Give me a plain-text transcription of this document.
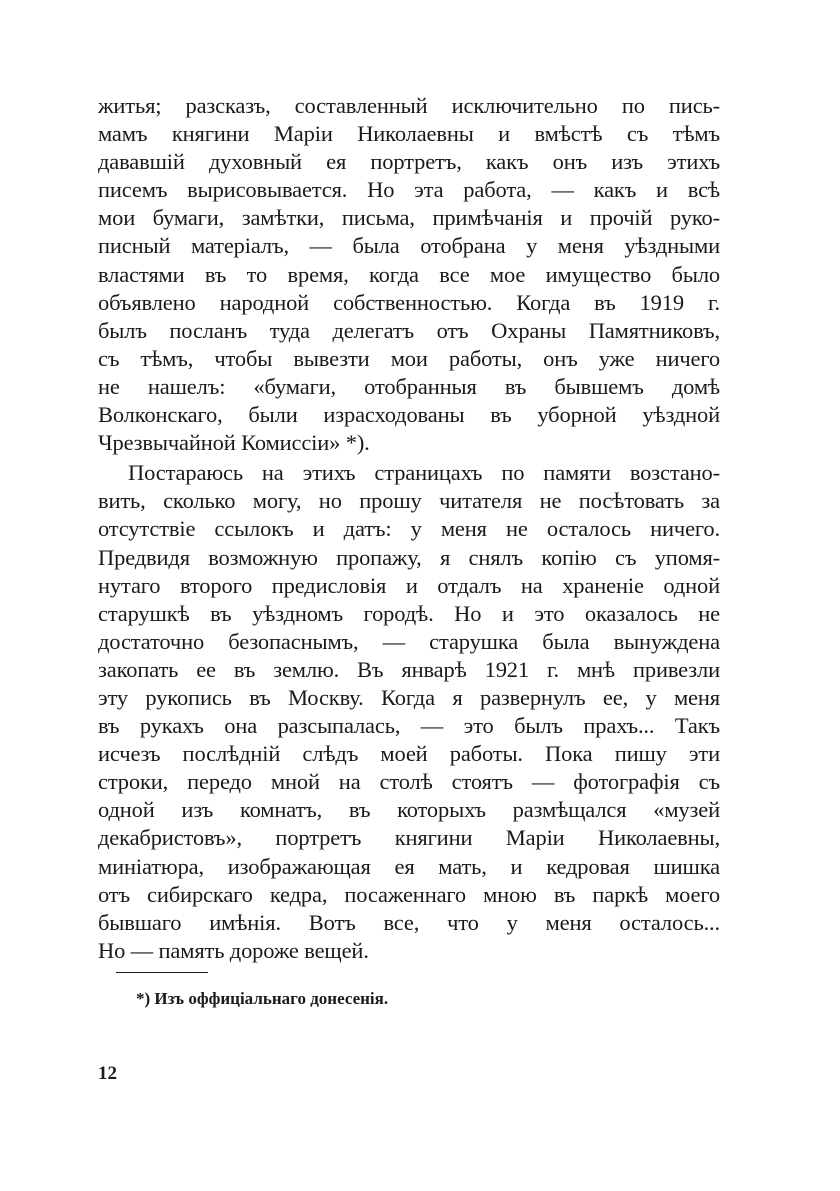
житья; разсказъ, составленный исключительно по пись-
мамъ княгини Маріи Николаевны и вмѣстѣ съ тѣмъ
дававшій духовный ея портретъ, какъ онъ изъ этихъ
писемъ вырисовывается. Но эта работа, — какъ и всѣ
мои бумаги, замѣтки, письма, примѣчанія и прочій руко-
писный матеріалъ, — была отобрана у меня уѣздными
властями въ то время, когда все мое имущество было
объявлено народной собственностью. Когда въ 1919 г.
былъ посланъ туда делегатъ отъ Охраны Памятниковъ,
съ тѣмъ, чтобы вывезти мои работы, онъ уже ничего
не нашелъ: «бумаги, отобранныя въ бывшемъ домѣ
Волконскаго, были израсходованы въ уборной уѣздной
Чрезвычайной Комиссіи» *).
Постараюсь на этихъ страницахъ по памяти возстано-
вить, сколько могу, но прошу читателя не посѣтовать за
отсутствіе ссылокъ и датъ: у меня не осталось ничего.
Предвидя возможную пропажу, я снялъ копію съ упомя-
нутаго второго предисловія и отдалъ на храненіе одной
старушкѣ въ уѣздномъ городѣ. Но и это оказалось не
достаточно безопаснымъ, — старушка была вынуждена
закопать ее въ землю. Въ январѣ 1921 г. мнѣ привезли
эту рукопись въ Москву. Когда я развернулъ ее, у меня
въ рукахъ она разсыпалась, — это былъ прахъ... Такъ
исчезъ послѣдній слѣдъ моей работы. Пока пишу эти
строки, передо мной на столѣ стоятъ — фотографія съ
одной изъ комнатъ, въ которыхъ размѣщался «музей
декабристовъ», портретъ княгини Маріи Николаевны,
миніатюра, изображающая ея мать, и кедровая шишка
отъ сибирскаго кедра, посаженнаго мною въ паркѣ моего
бывшаго имѣнія. Вотъ все, что у меня осталось...
Но — память дороже вещей.
*) Изъ оффиціальнаго донесенія.
12
